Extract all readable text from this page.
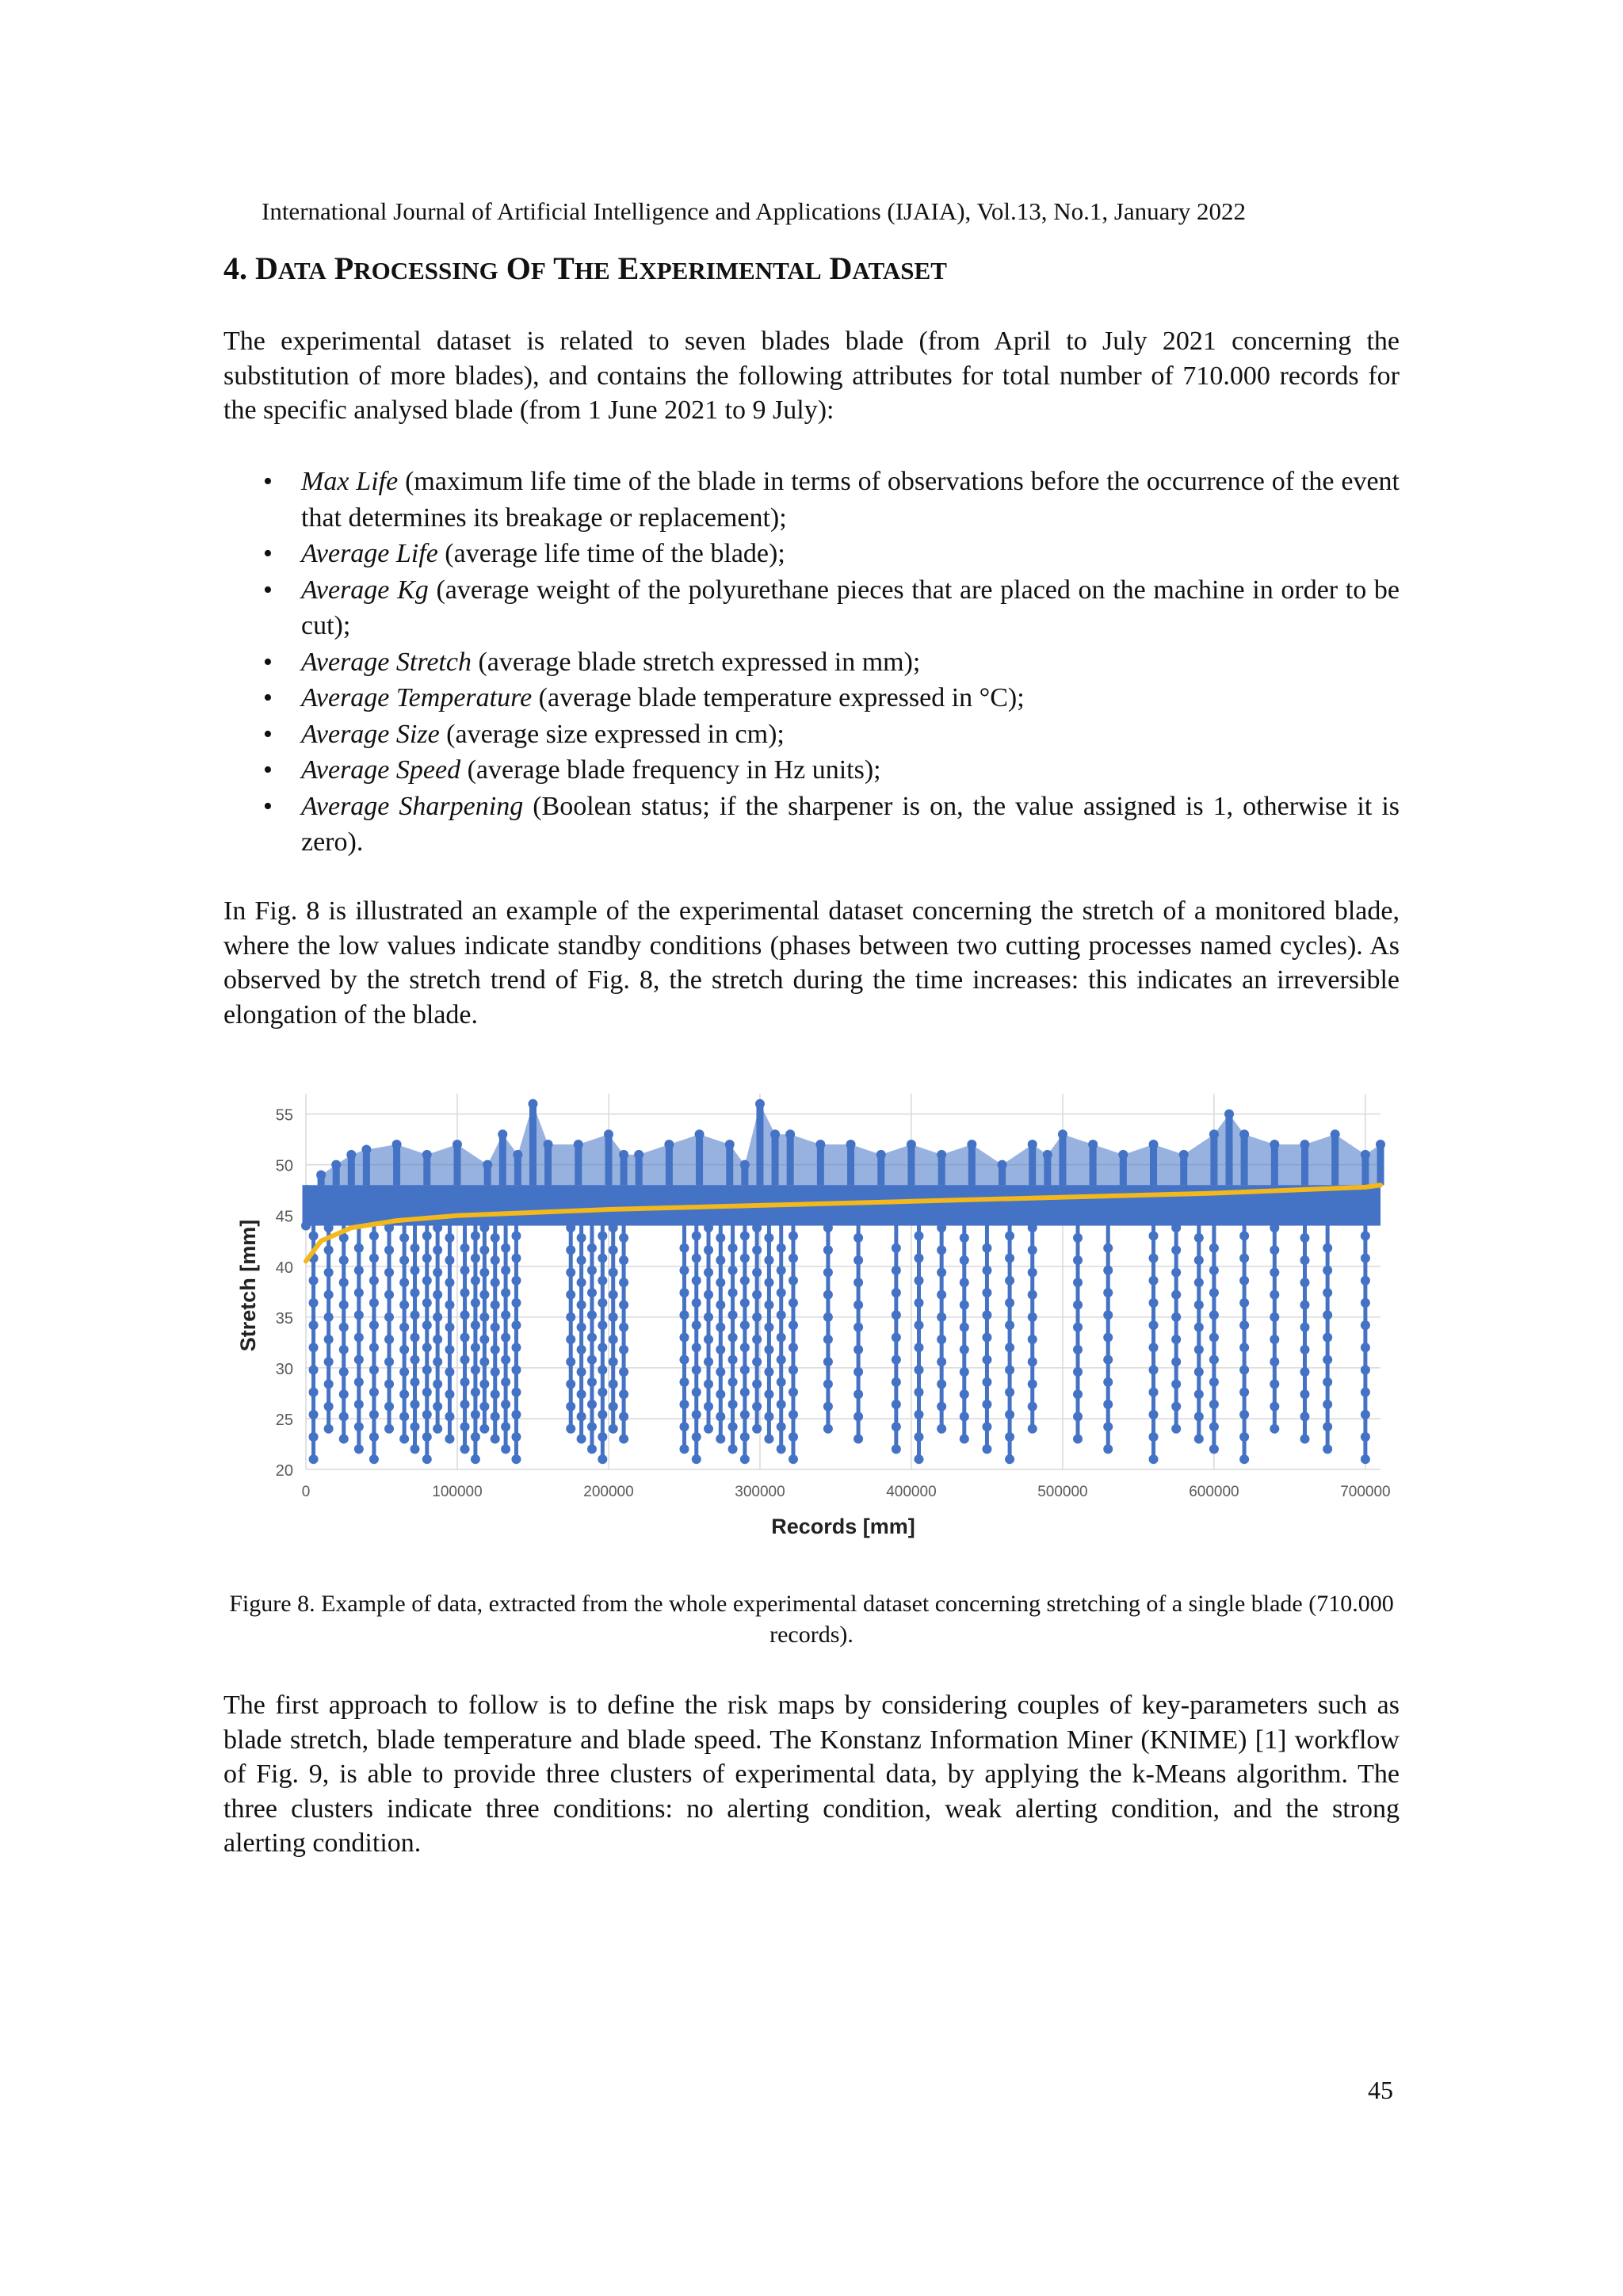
International Journal of Artificial Intelligence and Applications (IJAIA), Vol.13, No.1, January 2022
4. DATA PROCESSING OF THE EXPERIMENTAL DATASET
The experimental dataset is related to seven blades blade (from April to July 2021 concerning the substitution of more blades), and contains the following attributes for total number of 710.000 records for the specific analysed blade (from 1 June 2021 to 9 July):
• Max Life (maximum life time of the blade in terms of observations before the occurrence of the event that determines its breakage or replacement);
• Average Life (average life time of the blade);
• Average Kg (average weight of the polyurethane pieces that are placed on the machine in order to be cut);
• Average Stretch (average blade stretch expressed in mm);
• Average Temperature (average blade temperature expressed in °C);
• Average Size (average size expressed in cm);
• Average Speed (average blade frequency in Hz units);
• Average Sharpening (Boolean status; if the sharpener is on, the value assigned is 1, otherwise it is zero).
In Fig. 8 is illustrated an example of the experimental dataset concerning the stretch of a monitored blade, where the low values indicate standby conditions (phases between two cutting processes named cycles). As observed by the stretch trend of Fig. 8, the stretch during the time increases: this indicates an irreversible elongation of the blade.
20
25
30
35
40
45
50
55
0	100000	200000	300000	400000	500000	600000	700000
Records [mm]
Stretch [mm]
Figure 8. Example of data, extracted from the whole experimental dataset concerning stretching of a single blade (710.000 records).
The first approach to follow is to define the risk maps by considering couples of key-parameters such as blade stretch, blade temperature and blade speed. The Konstanz Information Miner (KNIME) [1] workflow of Fig. 9, is able to provide three clusters of experimental data, by applying the k-Means algorithm. The three clusters indicate three conditions: no alerting condition, weak alerting condition, and the strong alerting condition.
45
